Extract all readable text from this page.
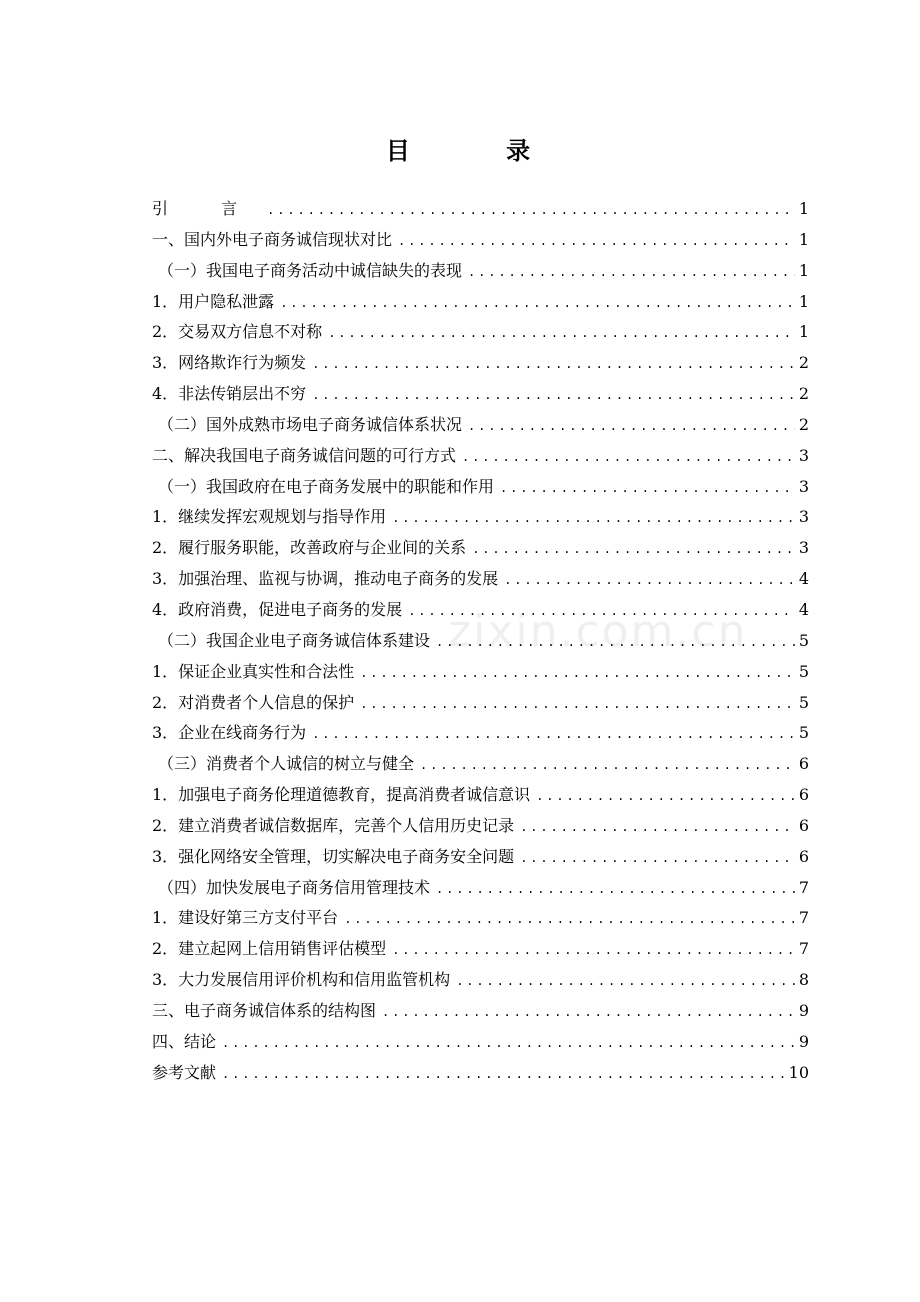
目 录
引 言 .....	1
一、国内外电子商务诚信现状对比 .....	1
（一）我国电子商务活动中诚信缺失的表现 .....	1
1．用户隐私泄露 .....	1
2．交易双方信息不对称 .....	1
3．网络欺诈行为频发 .....	2
4．非法传销层出不穷 .....	2
（二）国外成熟市场电子商务诚信体系状况 .....	2
二、解决我国电子商务诚信问题的可行方式 .....	3
（一）我国政府在电子商务发展中的职能和作用 .....	3
1．继续发挥宏观规划与指导作用 .....	3
2．履行服务职能，改善政府与企业间的关系 .....	3
3．加强治理、监视与协调，推动电子商务的发展 .....	4
4．政府消费，促进电子商务的发展 .....	4
（二）我国企业电子商务诚信体系建设 .....	5
1．保证企业真实性和合法性 .....	5
2．对消费者个人信息的保护 .....	5
3．企业在线商务行为 .....	5
（三）消费者个人诚信的树立与健全 .....	6
1．加强电子商务伦理道德教育，提高消费者诚信意识 .....	6
2．建立消费者诚信数据库，完善个人信用历史记录 .....	6
3．强化网络安全管理，切实解决电子商务安全问题 .....	6
（四）加快发展电子商务信用管理技术 .....	7
1．建设好第三方支付平台 .....	7
2．建立起网上信用销售评估模型 .....	7
3．大力发展信用评价机构和信用监管机构 .....	8
三、电子商务诚信体系的结构图 .....	9
四、结论 .....	9
参考文献 .....	10
zixin.com.cn
